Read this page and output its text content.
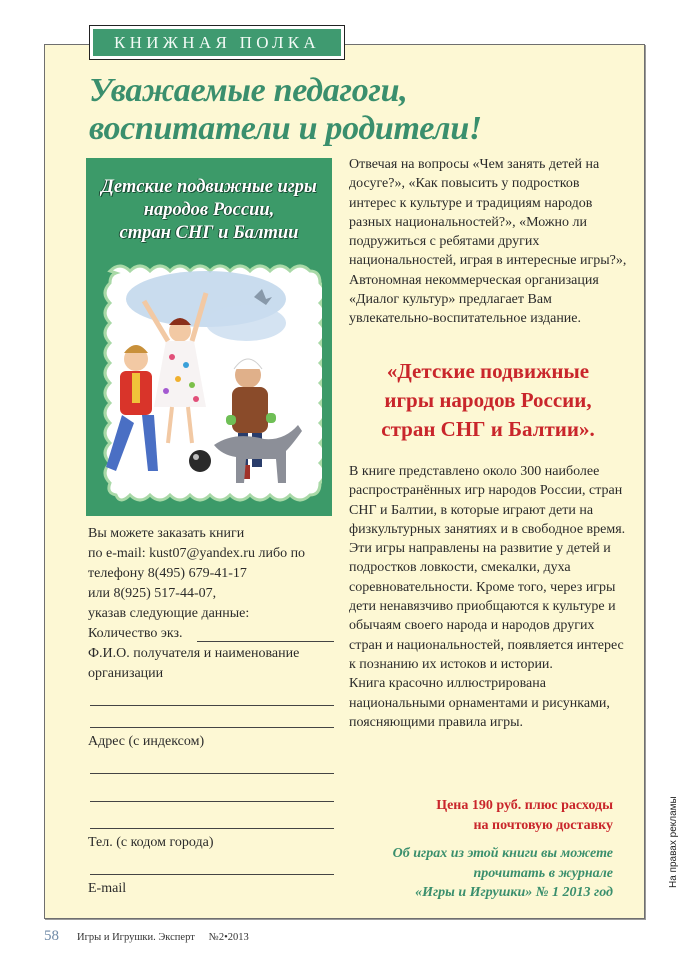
КНИЖНАЯ ПОЛКА
Уважаемые педагоги,
воспитатели и родители!
Детские подвижные игры
народов России,
стран СНГ и Балтии
Отвечая на вопросы «Чем занять детей на досуге?», «Как повысить у подростков интерес к культуре и традициям народов разных национальностей?», «Можно ли подружиться с ребятами других национальностей, играя в интересные игры?», Автономная некоммерческая организация «Диалог культур» предлагает Вам увлекательно-воспитательное издание.
«Детские подвижные
игры народов России,
стран СНГ и Балтии».
В книге представлено около 300 наиболее распространённых игр народов России, стран СНГ и Балтии, в которые играют дети на физкультурных занятиях и в свободное время.
Эти игры направлены на развитие у детей и подростков ловкости, смекалки, духа соревновательности. Кроме того, через игры дети ненавязчиво приобщаются к культуре и обычаям своего народа и народов других стран и национальностей, появляется интерес к познанию их истоков и истории.
Книга красочно иллюстрирована национальными орнаментами и рисунками, поясняющими правила игры.
Цена 190 руб. плюс расходы
на почтовую доставку
Об играх из этой книги вы можете
прочитать в журнале
«Игры и Игрушки» № 1 2013 год
Вы можете заказать книги
по e-mail: kust07@yandex.ru либо по
телефону 8(495) 679-41-17
или 8(925) 517-44-07,
указав следующие данные:
Количество экз.
Ф.И.О. получателя и наименование
организации
Адрес (с индексом)
Тел. (с кодом города)
E-mail
58 Игры и Игрушки. Эксперт №2•2013
На правах рекламы
